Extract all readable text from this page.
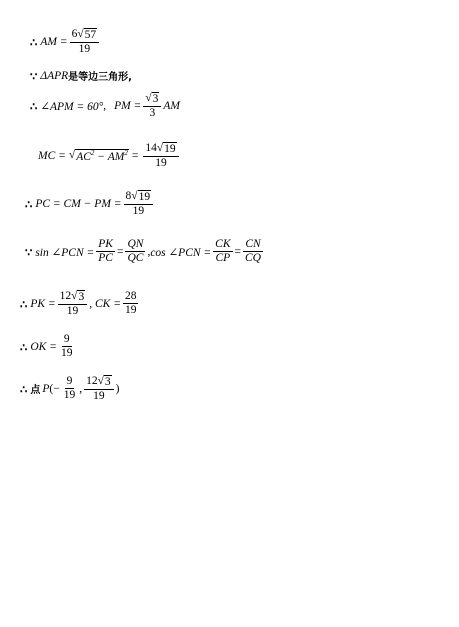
∴ AM = $\frac{6 √ 57}{19}$
∵ ΔAPR 是等边三角形,
∴ ∠APM = 60° , PM = $\frac{√ 3}{3}$ AM
MC = √ $AC^2 - AM^2 = \frac{14 √ 19}{19}$
∴ PC = CM − PM = $\frac{8 √ 19}{19}$
∵ sin ∠PCN = $\frac{PK}{PC} = \frac{QN}{QC}$ , cos ∠PCN = $\frac{CK}{CP} = \frac{CN}{CQ}$
∴ PK = $\frac{12 √ 3}{19}$ , CK = $\frac{28}{19}$
∴ OK = $\frac{9}{19}$
∴ 点 P ( − $\frac{9}{19}$ , $\frac{12 √ 3}{19}$ )
